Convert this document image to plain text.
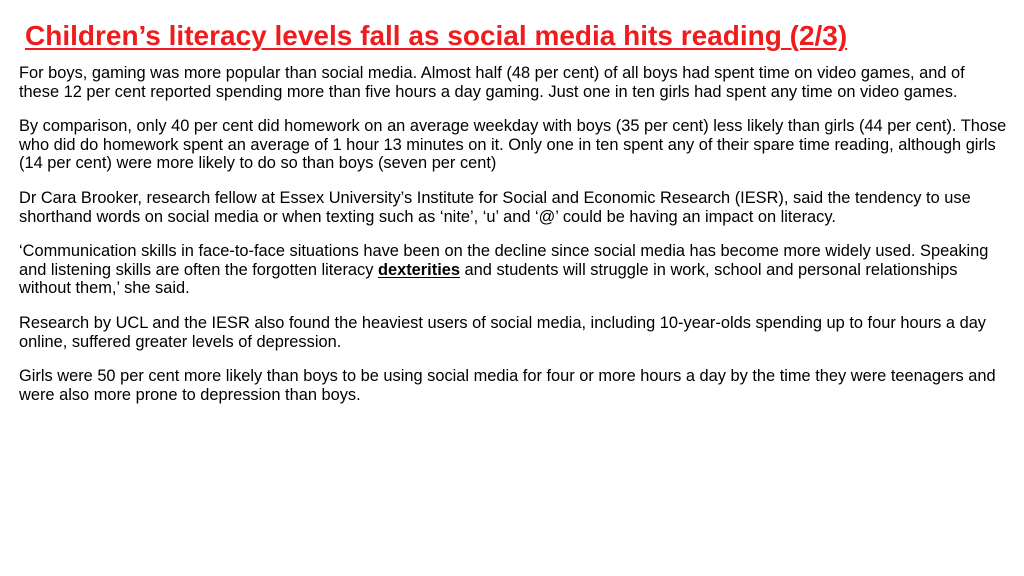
Children’s literacy levels fall as social media hits reading (2/3)

For boys, gaming was more popular than social media. Almost half (48 per cent) of all boys had spent time on video games, and of these 12 per cent reported spending more than five hours a day gaming. Just one in ten girls had spent any time on video games.

By comparison, only 40 per cent did homework on an average weekday with boys (35 per cent) less likely than girls (44 per cent). Those who did do homework spent an average of 1 hour 13 minutes on it. Only one in ten spent any of their spare time reading, although girls (14 per cent) were more likely to do so than boys (seven per cent)

Dr Cara Brooker, research fellow at Essex University’s Institute for Social and Economic Research (IESR), said the tendency to use shorthand words on social media or when texting such as ‘nite’, ‘u’ and ‘@’ could be having an impact on literacy.

‘Communication skills in face-to-face situations have been on the decline since social media has become more widely used. Speaking and listening skills are often the forgotten literacy dexterities and students will struggle in work, school and personal relationships without them,’ she said.

Research by UCL and the IESR also found the heaviest users of social media, including 10-year-olds spending up to four hours a day online, suffered greater levels of depression.

Girls were 50 per cent more likely than boys to be using social media for four or more hours a day by the time they were teenagers and were also more prone to depression than boys.
